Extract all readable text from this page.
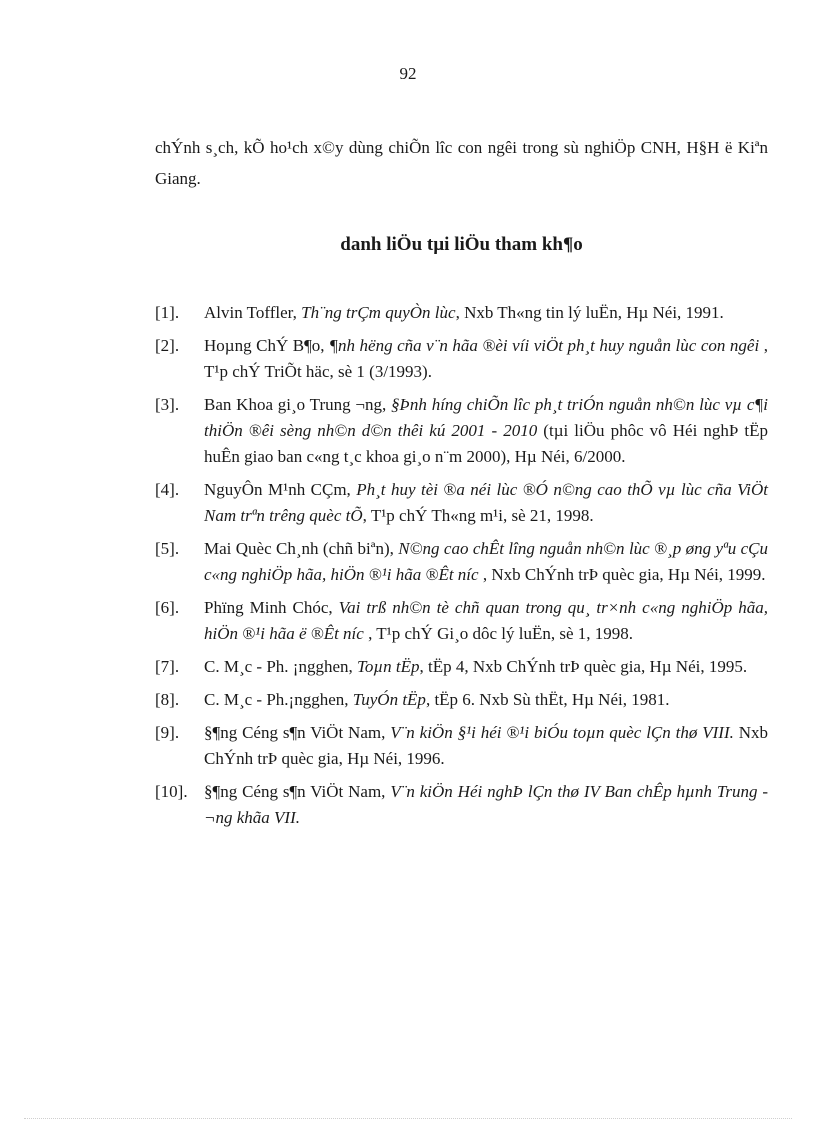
92
chÝnh s¸ch, kÕ ho¹ch x©y dùng chiÕn lîc con ngêi trong sù nghiÖp CNH, H§H ë Kiªn Giang.
danh liÖu tµi liÖu tham kh¶o
[1].	Alvin Toffler, Th¨ng trÇm quyÒn lùc, Nxb Th«ng tin lý luËn, Hµ Néi, 1991.
[2].	Hoµng ChÝ B¶o, ¶nh hëng cña v¨n hãa ®èi víi viÖt ph¸t huy nguån lùc con ngêi , T¹p chÝ TriÕt häc, sè 1 (3/1993).
[3].	Ban Khoa gi¸o Trung ¬ng, §Þnh híng chiÕn lîc ph¸t triÓn nguån nh©n lùc vµ c¶i thiÖn ®êi sèng nh©n d©n thêi kú 2001 - 2010 (tµi liÖu phôc vô Héi nghÞ tËp huÊn giao ban c«ng t¸c khoa gi¸o n¨m 2000), Hµ Néi, 6/2000.
[4].	NguyÔn M¹nh CÇm, Ph¸t huy tèi ®a néi lùc ®Ó n©ng cao thÕ vµ lùc cña ViÖt Nam trªn trêng quèc tÕ, T¹p chÝ Th«ng m¹i, sè 21, 1998.
[5].	Mai Quèc Ch¸nh (chñ biªn), N©ng cao chÊt lîng nguån nh©n lùc ®¸p øng yªu cÇu c«ng nghiÖp hãa, hiÖn ®¹i hãa ®Êt níc , Nxb ChÝnh trÞ quèc gia, Hµ Néi, 1999.
[6].	Phïng Minh Chóc, Vai trß nh©n tè chñ quan trong qu¸ tr×nh c«ng nghiÖp hãa, hiÖn ®¹i hãa ë ®Êt níc , T¹p chÝ Gi¸o dôc lý luËn, sè 1, 1998.
[7].	C. M¸c - Ph. ¡ngghen, Toµn tËp, tËp 4, Nxb ChÝnh trÞ quèc gia, Hµ Néi, 1995.
[8].	C. M¸c - Ph.¡ngghen, TuyÓn tËp, tËp 6. Nxb Sù thËt, Hµ Néi, 1981.
[9].	§¶ng Céng s¶n ViÖt Nam, V¨n kiÖn §¹i héi ®¹i biÓu toµn quèc lÇn thø VIII. Nxb ChÝnh trÞ quèc gia, Hµ Néi, 1996.
[10]. §¶ng Céng s¶n ViÖt Nam, V¨n kiÖn Héi nghÞ lÇn thø IV Ban chÊp hµnh Trung ¬ng khãa VII.
